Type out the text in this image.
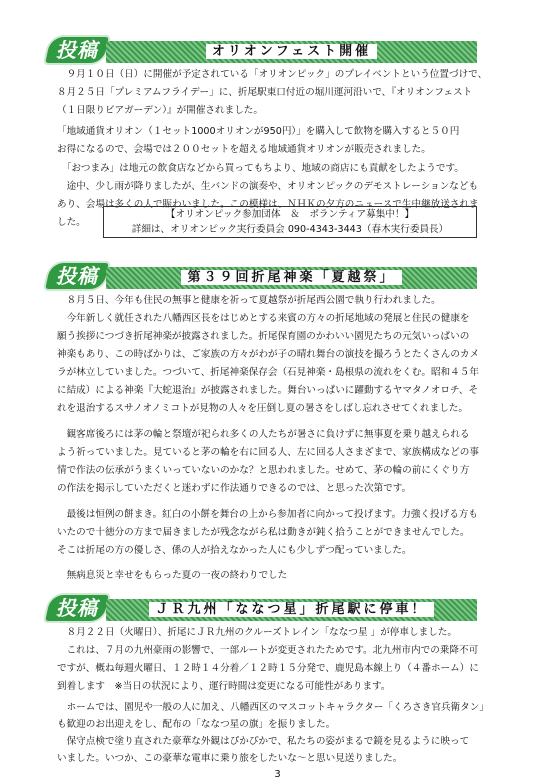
投稿	オリオンフェスト開催
　９月１０日（日）に開催が予定されている「オリオンピック」のプレイベントという位置づけで、
８月２５日「プレミアムフライデー」に、折尾駅東口付近の堀川運河沿いで、『オリオンフェスト
（１日限りビアガーデン）』が開催されました。
「地域通貨オリオン（１セット1000オリオンが950円）」を購入して飲物を購入すると５０円
お得になるので、会場では２００セットを超える地域通貨オリオンが販売されました。
　「おつまみ」は地元の飲食店などから買ってもちより、地域の商店にも貢献をしたようです。
　途中、少し雨が降りましたが、生バンドの演奏や、オリオンピックのデモストレーションなども
あり、会場は多くの人で賑わいました。この模様は、ＮＨＫの夕方のニュースで生中継放送されま
した。
【オリオンピック参加団体　＆　ボランティア募集中！】
詳細は、オリオンピック実行委員会 090-4343-3443（春木実行委員長）
投稿	第３９回折尾神楽「夏越祭」
　８月５日、今年も住民の無事と健康を祈って夏越祭が折尾西公園で執り行われました。
　今年新しく就任された八幡西区長をはじめとする来賓の方々の折尾地域の発展と住民の健康を
願う挨拶につづき折尾神楽が披露されました。折尾保育園のかわいい園児たちの元気いっぱいの
神楽もあり、この時ばかりは、ご家族の方々がわが子の晴れ舞台の演技を撮ろうとたくさんのカメ
ラが林立していました。つづいて、折尾神楽保存会（石見神楽・島根県の流れをくむ。昭和４５年
に結成）による神楽『大蛇退治』が披露されました。舞台いっぱいに躍動するヤマタノオロチ、そ
れを退治するスサノオノミコトが見物の人々を圧倒し夏の暑さをしばし忘れさせてくれました。
　観客席後ろには茅の輪と祭壇が祀られ多くの人たちが暑さに負けずに無事夏を乗り越えられる
よう祈っていました。見ていると茅の輪を右に回る人、左に回る人さまざまで、家族構成などの事
情で作法の伝承がうまくいっていないのかな？と思われました。せめて、茅の輪の前にくぐり方
の作法を掲示していただくと迷わずに作法通りできるのでは、と思った次第です。
　最後は恒例の餅まき。紅白の小餅を舞台の上から参加者に向かって投げます。力強く投げる方も
いたので十徳分の方まで届きましたが残念ながら私は動きが鈍く拾うことができませんでした。
そこは折尾の方の優しさ、係の人が拾えなかった人にも少しずつ配っていました。
　無病息災と幸せをもらった夏の一夜の終わりでした
投稿	ＪＲ九州「ななつ星」折尾駅に停車！
　８月２２日（火曜日）、折尾にＪＲ九州のクルーズトレイン「ななつ星 」が停車しました。
　これは、７月の九州豪雨の影響で、一部ルートが変更されたためです。北九州市内での乗降不可
ですが、概ね毎週火曜日、１２時１４分着／１２時１５分発で、鹿児島本線上り（４番ホーム）に
到着します　※当日の状況により、運行時間は変更になる可能性があります。
　ホームでは、園児や一般の人に加え、八幡西区のマスコットキャラクター「くろさき官兵衛タン」
も歓迎のお出迎えをし、配布の「ななつ星の旗」を振りました。
　保守点検で塗り直された豪華な外観はぴかぴかで、私たちの姿がまるで鏡を見るように映って
いました。いつか、この豪華な電車に乗り旅をしたいな〜と思い見送りました。
3
